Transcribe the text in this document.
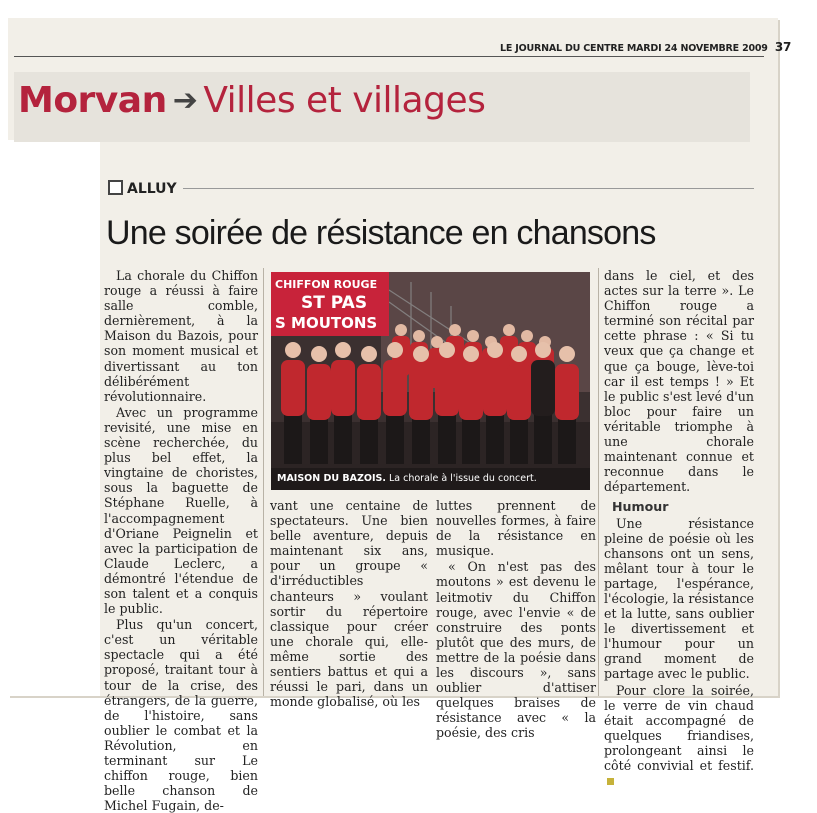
LE JOURNAL DU CENTRE MARDI 24 NOVEMBRE 2009 37
Morvan ➔ Villes et villages
ALLUY
Une soirée de résistance en chansons

La chorale du Chiffon rouge a réussi à faire salle comble, dernièrement, à la Maison du Bazois, pour son moment musical et divertissant au ton délibérément révolutionnaire.

Avec un programme revisité, une mise en scène recherchée, du plus bel effet, la vingtaine de choristes, sous la baguette de Stéphane Ruelle, à l'accompagnement d'Oriane Peignelin et avec la participation de Claude Leclerc, a démontré l'étendue de son talent et a conquis le public.

Plus qu'un concert, c'est un véritable spectacle qui a été proposé, traitant tour à tour de la crise, des étrangers, de la guerre, de l'histoire, sans oublier le combat et la Révolution, en terminant sur Le chiffon rouge, bien belle chanson de Michel Fugain, de-

CHIFFON ROUGE
ST PAS
S MOUTONS
MAISON DU BAZOIS. La chorale à l'issue du concert.

vant une centaine de spectateurs. Une bien belle aventure, depuis maintenant six ans, pour un groupe « d'irréductibles chanteurs » voulant sortir du répertoire classique pour créer une chorale qui, elle-même sortie des sentiers battus et qui a réussi le pari, dans un monde globalisé, où les

luttes prennent de nouvelles formes, à faire de la résistance en musique.

« On n'est pas des moutons » est devenu le leitmotiv du Chiffon rouge, avec l'envie « de construire des ponts plutôt que des murs, de mettre de la poésie dans les discours », sans oublier d'attiser quelques braises de résistance avec « la poésie, des cris

dans le ciel, et des actes sur la terre ». Le Chiffon rouge a terminé son récital par cette phrase : « Si tu veux que ça change et que ça bouge, lève-toi car il est temps ! » Et le public s'est levé d'un bloc pour faire un véritable triomphe à une chorale maintenant connue et reconnue dans le département.

Humour

Une résistance pleine de poésie où les chansons ont un sens, mêlant tour à tour le partage, l'espérance, l'écologie, la résistance et la lutte, sans oublier le divertissement et l'humour pour un grand moment de partage avec le public.

Pour clore la soirée, le verre de vin chaud était accompagné de quelques friandises, prolongeant ainsi le côté convivial et festif.
